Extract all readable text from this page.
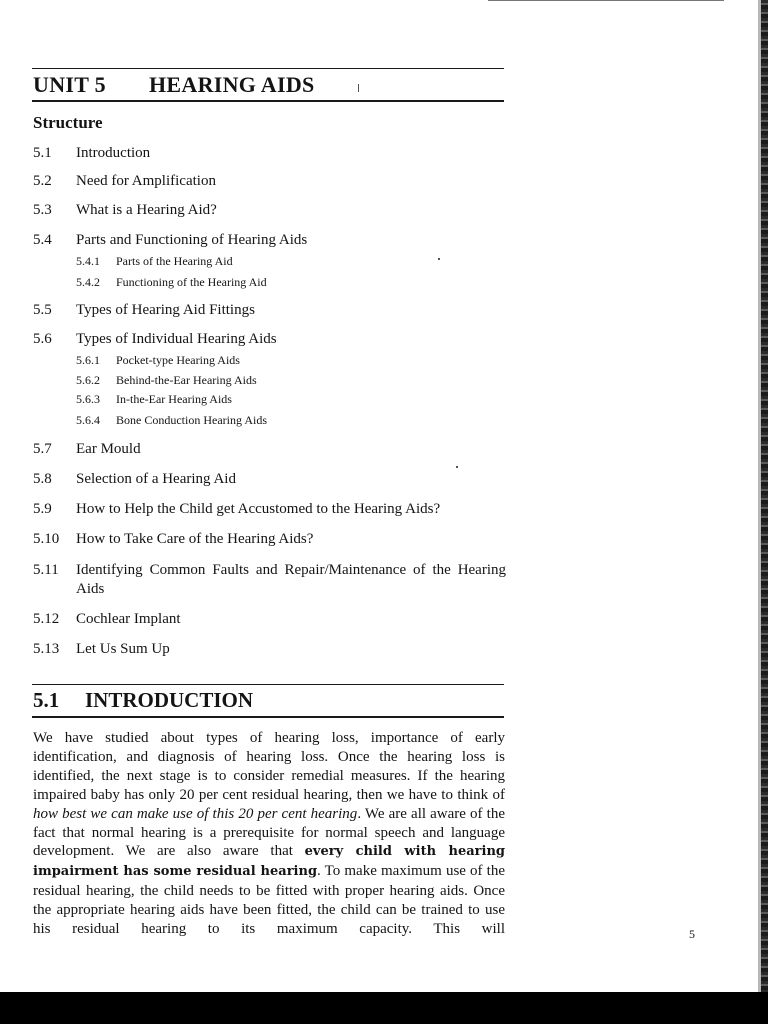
UNIT 5 HEARING AIDS
Structure
5.1 Introduction
5.2 Need for Amplification
5.3 What is a Hearing Aid?
5.4 Parts and Functioning of Hearing Aids
5.4.1 Parts of the Hearing Aid
5.4.2 Functioning of the Hearing Aid
5.5 Types of Hearing Aid Fittings
5.6 Types of Individual Hearing Aids
5.6.1 Pocket-type Hearing Aids
5.6.2 Behind-the-Ear Hearing Aids
5.6.3 In-the-Ear Hearing Aids
5.6.4 Bone Conduction Hearing Aids
5.7 Ear Mould
5.8 Selection of a Hearing Aid
5.9 How to Help the Child get Accustomed to the Hearing Aids?
5.10 How to Take Care of the Hearing Aids?
5.11 Identifying Common Faults and Repair/Maintenance of the Hearing Aids
5.12 Cochlear Implant
5.13 Let Us Sum Up
5.1 INTRODUCTION

We have studied about types of hearing loss, importance of early identification, and diagnosis of hearing loss. Once the hearing loss is identified, the next stage is to consider remedial measures. If the hearing impaired baby has only 20 per cent residual hearing, then we have to think of how best we can make use of this 20 per cent hearing. We are all aware of the fact that normal hearing is a prerequisite for normal speech and language development. We are also aware that every child with hearing impairment has some residual hearing. To make maximum use of the residual hearing, the child needs to be fitted with proper hearing aids. Once the appropriate hearing aids have been fitted, the child can be trained to use his residual hearing to its maximum capacity. This will	5
